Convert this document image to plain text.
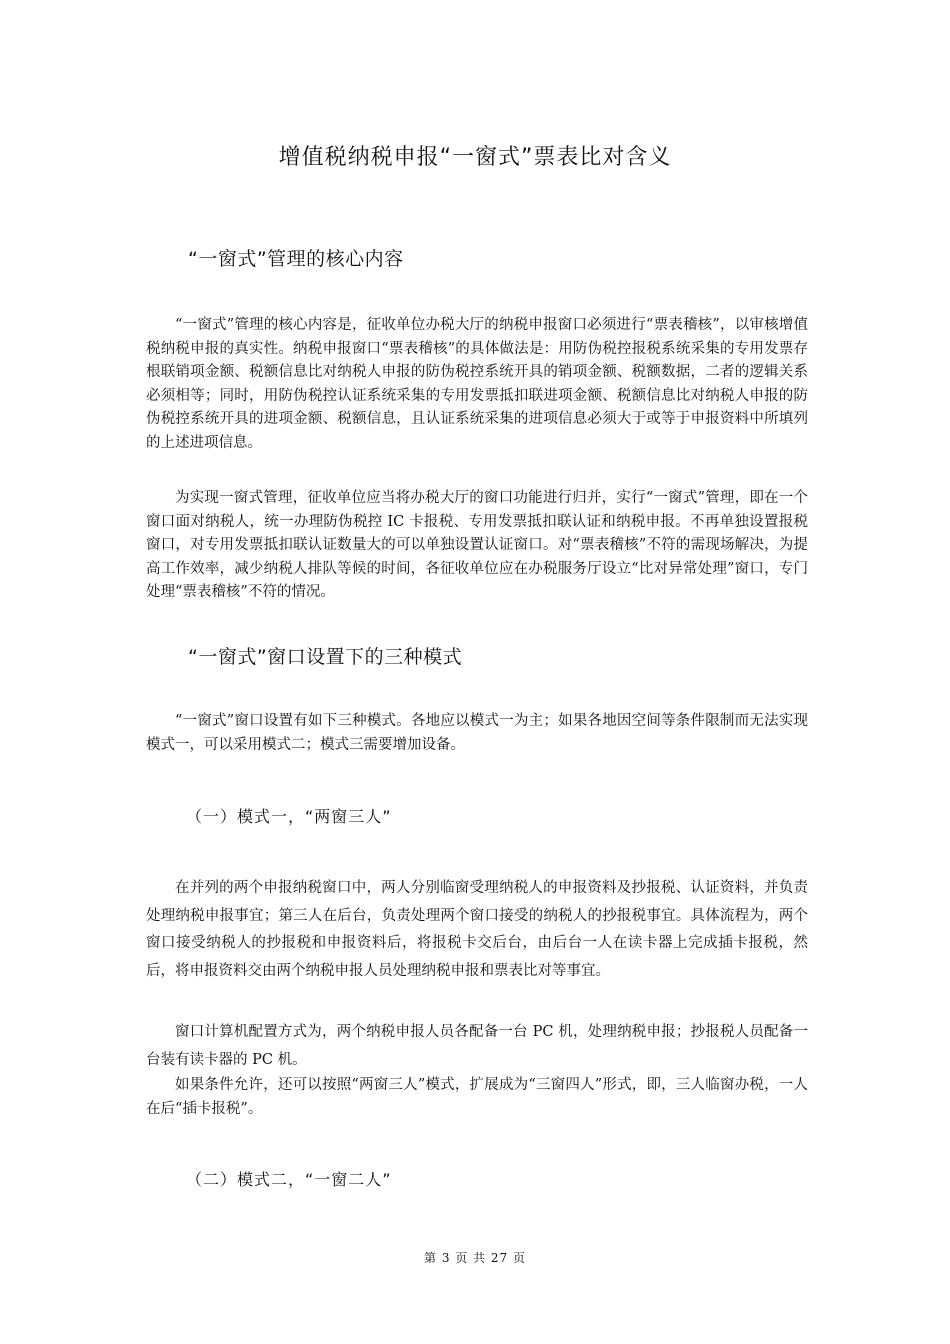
增值税纳税申报“一窗式”票表比对含义
“一窗式”管理的核心内容
“一窗式”管理的核心内容是，征收单位办税大厅的纳税申报窗口必须进行“票表稽核”，以审核增值税纳税申报的真实性。纳税申报窗口“票表稽核”的具体做法是：用防伪税控报税系统采集的专用发票存根联销项金额、税额信息比对纳税人申报的防伪税控系统开具的销项金额、税额数据，二者的逻辑关系必须相等；同时，用防伪税控认证系统采集的专用发票抵扣联进项金额、税额信息比对纳税人申报的防伪税控系统开具的进项金额、税额信息，且认证系统采集的进项信息必须大于或等于申报资料中所填列的上述进项信息。
为实现一窗式管理，征收单位应当将办税大厅的窗口功能进行归并，实行“一窗式”管理，即在一个窗口面对纳税人，统一办理防伪税控 IC 卡报税、专用发票抵扣联认证和纳税申报。不再单独设置报税窗口，对专用发票抵扣联认证数量大的可以单独设置认证窗口。对“票表稽核”不符的需现场解决，为提高工作效率，减少纳税人排队等候的时间，各征收单位应在办税服务厅设立“比对异常处理”窗口，专门处理“票表稽核”不符的情况。
“一窗式”窗口设置下的三种模式
“一窗式”窗口设置有如下三种模式。各地应以模式一为主；如果各地因空间等条件限制而无法实现模式一，可以采用模式二；模式三需要增加设备。
（一）模式一，“两窗三人”
在并列的两个申报纳税窗口中，两人分别临窗受理纳税人的申报资料及抄报税、认证资料，并负责处理纳税申报事宜；第三人在后台，负责处理两个窗口接受的纳税人的抄报税事宜。具体流程为，两个窗口接受纳税人的抄报税和申报资料后，将报税卡交后台，由后台一人在读卡器上完成插卡报税，然后，将申报资料交由两个纳税申报人员处理纳税申报和票表比对等事宜。
窗口计算机配置方式为，两个纳税申报人员各配备一台 PC 机，处理纳税申报；抄报税人员配备一台装有读卡器的 PC 机。
如果条件允许，还可以按照“两窗三人”模式，扩展成为“三窗四人”形式，即，三人临窗办税，一人在后“插卡报税”。
（二）模式二，“一窗二人”
第 3 页 共 27 页
